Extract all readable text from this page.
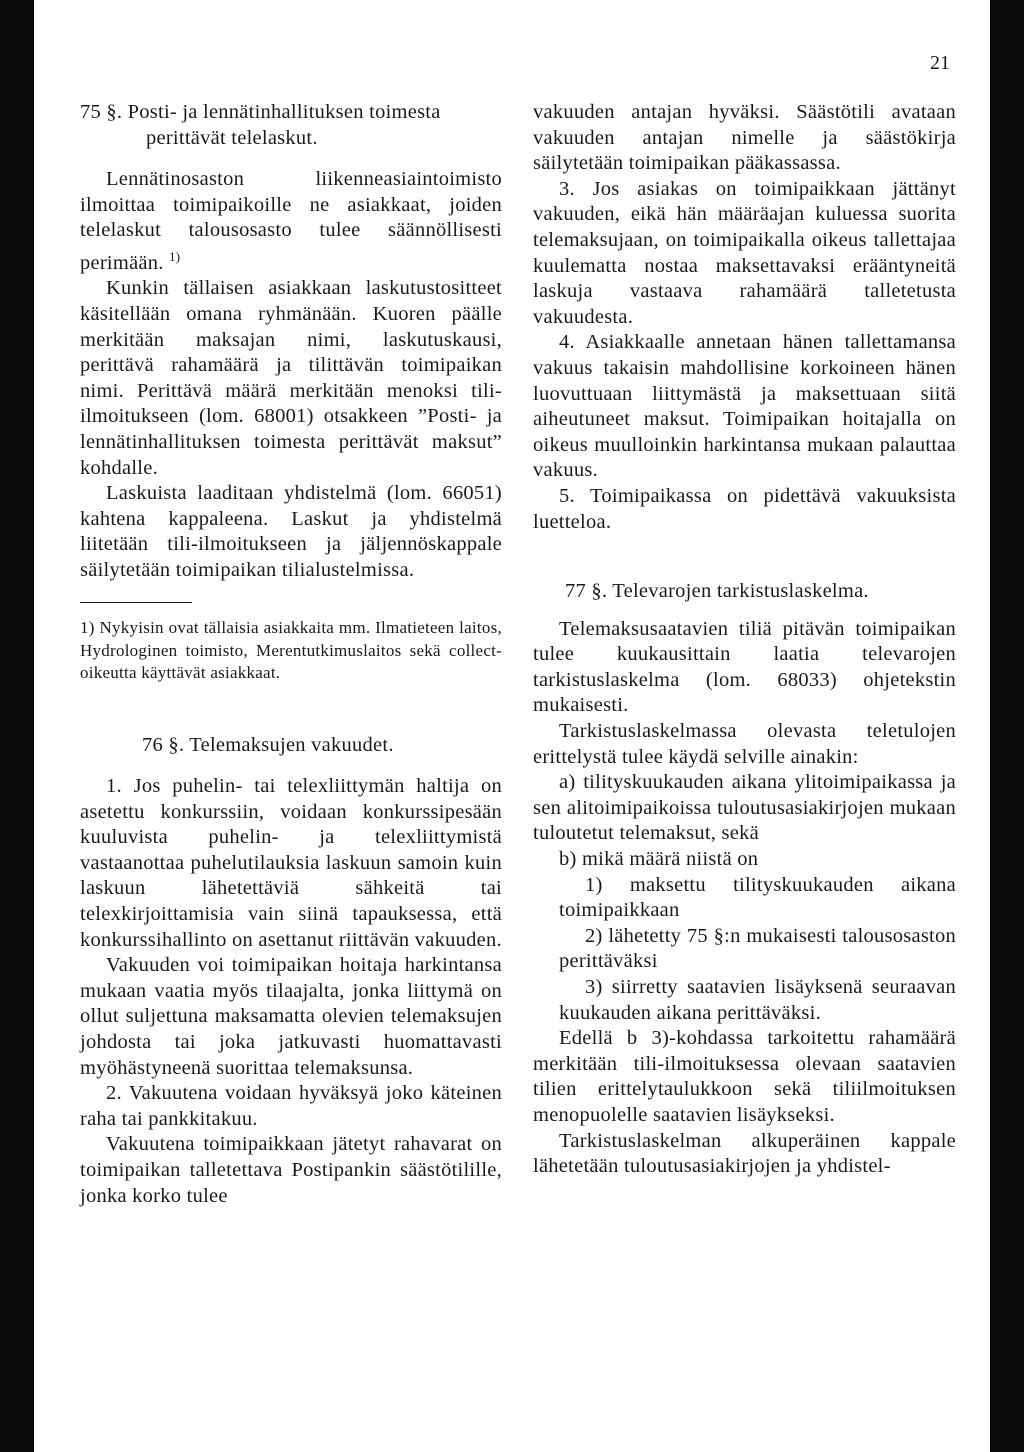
21
75 §. Posti- ja lennätinhallituksen toimesta
perittävät telelaskut.

Lennätinosaston liikenneasiaintoimisto ilmoittaa toimipaikoille ne asiakkaat, joiden telelaskut talousosasto tulee säännöllisesti perimään. $^{1)}$

Kunkin tällaisen asiakkaan laskutustositteet käsitellään omana ryhmänään. Kuoren päälle merkitään maksajan nimi, laskutuskausi, perittävä rahamäärä ja tilittävän toimipaikan nimi. Perittävä määrä merkitään menoksi tili-ilmoitukseen (lom. 68001) otsakkeen ”Posti- ja lennätinhallituksen toimesta perittävät maksut” kohdalle.

Laskuista laaditaan yhdistelmä (lom. 66051) kahtena kappaleena. Laskut ja yhdistelmä liitetään tili-ilmoitukseen ja jäljennöskappale säilytetään toimipaikan tilialustelmissa.

1) Nykyisin ovat tällaisia asiakkaita mm. Ilmatieteen laitos, Hydrologinen toimisto, Merentutkimuslaitos sekä collect-oikeutta käyttävät asiakkaat.

76 §. Telemaksujen vakuudet.

1. Jos puhelin- tai telexliittymän haltija on asetettu konkurssiin, voidaan konkurssipesään kuuluvista puhelin- ja telexliittymistä vastaanottaa puhelutilauksia laskuun samoin kuin laskuun lähetettäviä sähkeitä tai telexkirjoittamisia vain siinä tapauksessa, että konkurssihallinto on asettanut riittävän vakuuden.

Vakuuden voi toimipaikan hoitaja harkintansa mukaan vaatia myös tilaajalta, jonka liittymä on ollut suljettuna maksamatta olevien telemaksujen johdosta tai joka jatkuvasti huomattavasti myöhästyneenä suorittaa telemaksunsa.

2. Vakuutena voidaan hyväksyä joko käteinen raha tai pankkitakuu.

Vakuutena toimipaikkaan jätetyt rahavarat on toimipaikan talletettava Postipankin säästötilille, jonka korko tulee

vakuuden antajan hyväksi. Säästötili avataan vakuuden antajan nimelle ja säästökirja säilytetään toimipaikan pääkassassa.

3. Jos asiakas on toimipaikkaan jättänyt vakuuden, eikä hän määräajan kuluessa suorita telemaksujaan, on toimipaikalla oikeus tallettajaa kuulematta nostaa maksettavaksi erääntyneitä laskuja vastaava rahamäärä talletetusta vakuudesta.

4. Asiakkaalle annetaan hänen tallettamansa vakuus takaisin mahdollisine korkoineen hänen luovuttuaan liittymästä ja maksettuaan siitä aiheutuneet maksut. Toimipaikan hoitajalla on oikeus muulloinkin harkintansa mukaan palauttaa vakuus.

5. Toimipaikassa on pidettävä vakuuksista luetteloa.

77 §. Televarojen tarkistuslaskelma.

Telemaksusaatavien tiliä pitävän toimipaikan tulee kuukausittain laatia televarojen tarkistuslaskelma (lom. 68033) ohjetekstin mukaisesti.

Tarkistuslaskelmassa olevasta teletulojen erittelystä tulee käydä selville ainakin:

a) tilityskuukauden aikana ylitoimipaikassa ja sen alitoimipaikoissa tuloutusasiakirjojen mukaan tuloutetut telemaksut, sekä

b) mikä määrä niistä on

1) maksettu tilityskuukauden aikana toimipaikkaan

2) lähetetty 75 §:n mukaisesti talousosaston perittäväksi

3) siirretty saatavien lisäyksenä seuraavan kuukauden aikana perittäväksi.

Edellä b 3)-kohdassa tarkoitettu rahamäärä merkitään tili-ilmoituksessa olevaan saatavien tilien erittelytaulukkoon sekä tiliilmoituksen menopuolelle saatavien lisäykseksi.

Tarkistuslaskelman alkuperäinen kappale lähetetään tuloutusasiakirjojen ja yhdistel-
